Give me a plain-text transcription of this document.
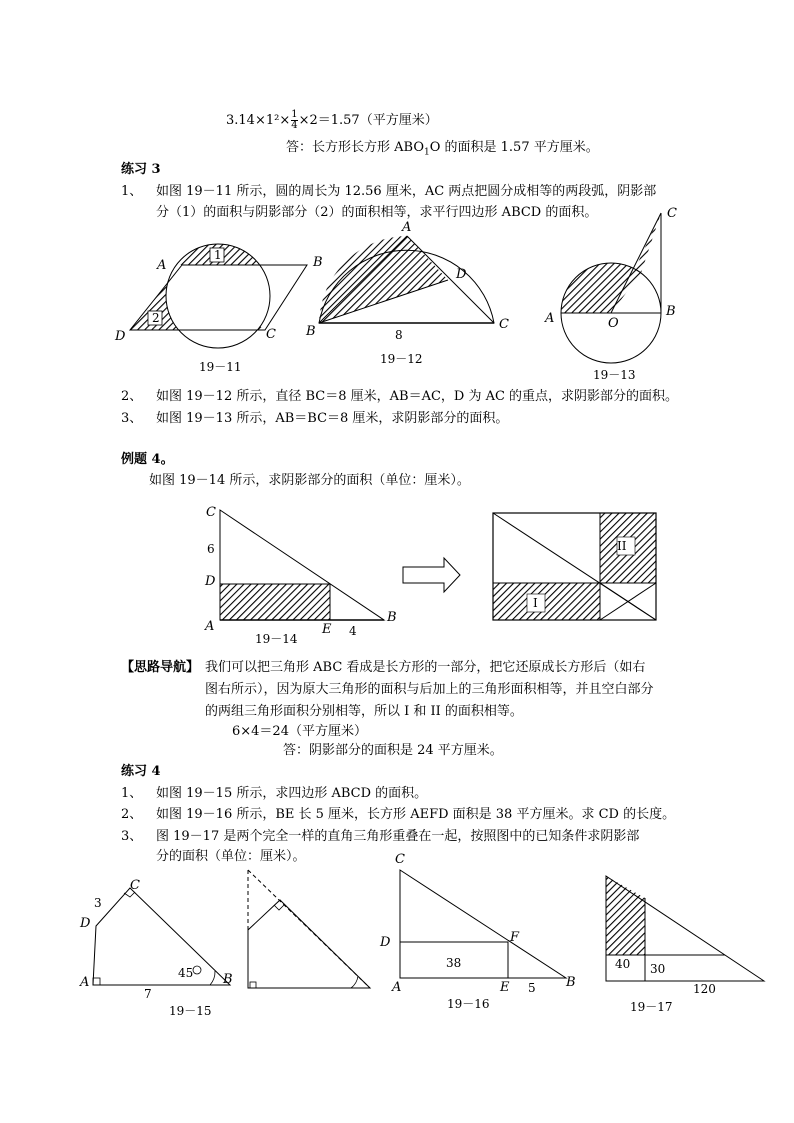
$3.14\times 1^2\times \frac{1}{4} \times 2=1.57$（平方厘米）
答：长方形长方形 $ABO_1O$ 的面积是 1.57 平方厘米。
练习 3
1、 如图 19－11 所示，圆的周长为 12.56 厘米，AC 两点把圆分成相等的两段弧，阴影部
分（1）的面积与阴影部分（2）的面积相等，求平行四边形 ABCD 的面积。
A	B
C
D
1
2
19－11
A
B	C
D
8
19－12
A	B
C
O
19－13
2、 如图 19－12 所示，直径 BC＝8 厘米，AB＝AC，D 为 AC 的重点，求阴影部分的面积。
3、 如图 19－13 所示，AB＝BC＝8 厘米，求阴影部分的面积。
例题 4。
如图 19－14 所示，求阴影部分的面积（单位：厘米）。
C
6
D
A	E
B
4
19－14
II
I
【思路导航】 我们可以把三角形 ABC 看成是长方形的一部分，把它还原成长方形后（如右
图右所示），因为原大三角形的面积与后加上的三角形面积相等，并且空白部分
的两组三角形面积分别相等，所以 I 和 II 的面积相等。
6×4＝24（平方厘米）
答：阴影部分的面积是 24 平方厘米。
练习 4
1、 如图 19－15 所示，求四边形 ABCD 的面积。
2、 如图 19－16 所示，BE 长 5 厘米，长方形 AEFD 面积是 38 平方厘米。求 CD 的长度。
3、 图 19－17 是两个完全一样的直角三角形重叠在一起，按照图中的已知条件求阴影部
分的面积（单位：厘米）。
C
3
D
45
A	B
7
19－15
C
D	F
38
A	E 5 B
19－16
40 30
120
19－17
